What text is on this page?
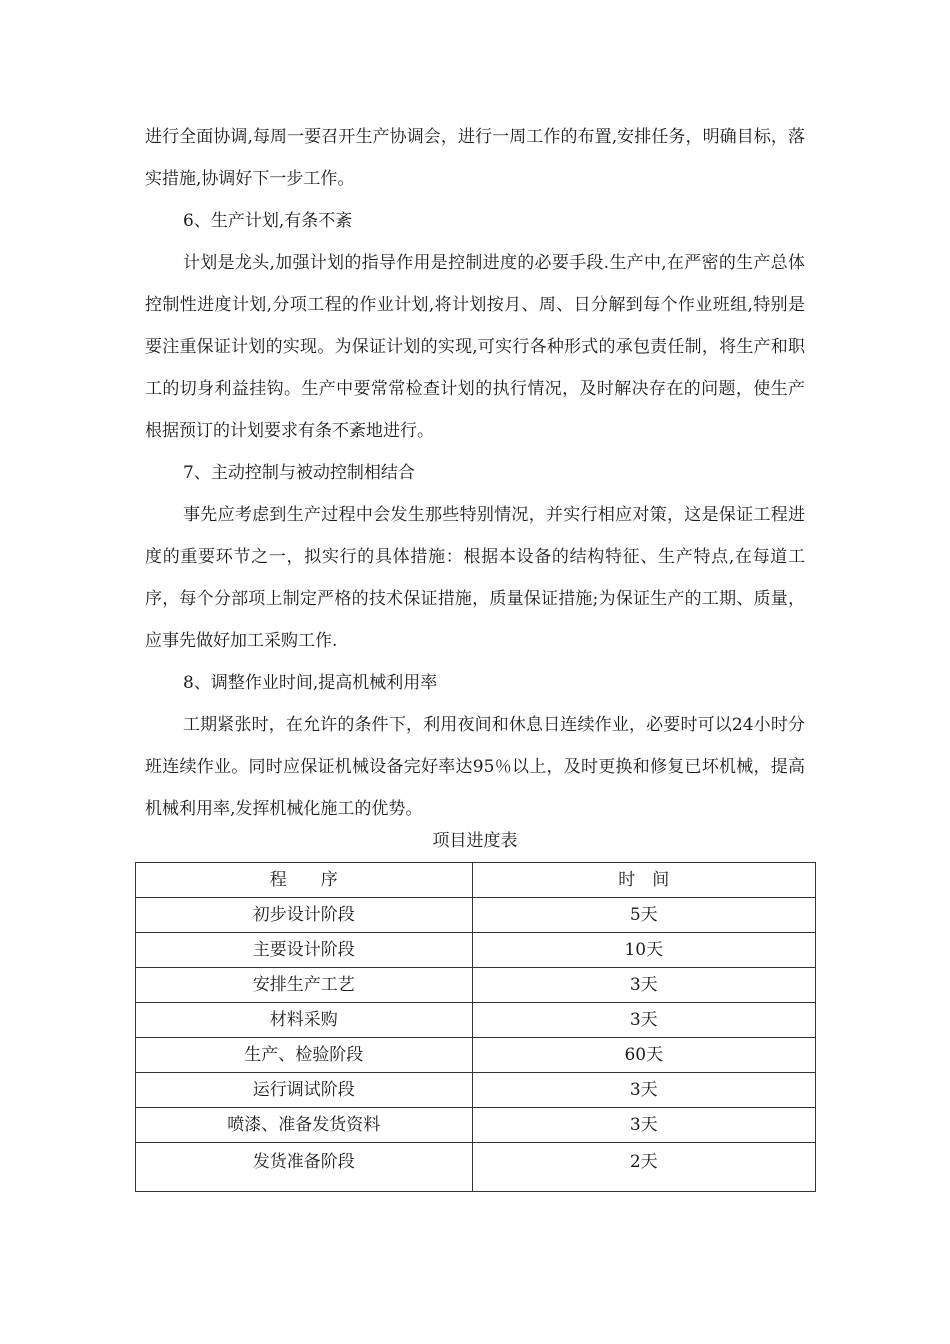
进行全面协调,每周一要召开生产协调会，进行一周工作的布置,安排任务，明确目标，落实措施,协调好下一步工作。

6、生产计划,有条不紊

计划是龙头,加强计划的指导作用是控制进度的必要手段.生产中,在严密的生产总体控制性进度计划,分项工程的作业计划,将计划按月、周、日分解到每个作业班组,特别是要注重保证计划的实现。为保证计划的实现,可实行各种形式的承包责任制，将生产和职工的切身利益挂钩。生产中要常常检查计划的执行情况，及时解决存在的问题，使生产根据预订的计划要求有条不紊地进行。

7、主动控制与被动控制相结合

事先应考虑到生产过程中会发生那些特别情况，并实行相应对策，这是保证工程进度的重要环节之一，拟实行的具体措施：根据本设备的结构特征、生产特点,在每道工序，每个分部项上制定严格的技术保证措施，质量保证措施;为保证生产的工期、质量，应事先做好加工采购工作.

8、调整作业时间,提高机械利用率

工期紧张时，在允许的条件下，利用夜间和休息日连续作业，必要时可以24小时分班连续作业。同时应保证机械设备完好率达95％以上，及时更换和修复已坏机械，提高机械利用率,发挥机械化施工的优势。

项目进度表
程　　序	时　间
初步设计阶段	5天
主要设计阶段	10天
安排生产工艺	3天
材料采购	3天
生产、检验阶段	60天
运行调试阶段	3天
喷漆、准备发货资料	3天
发货准备阶段	2天
